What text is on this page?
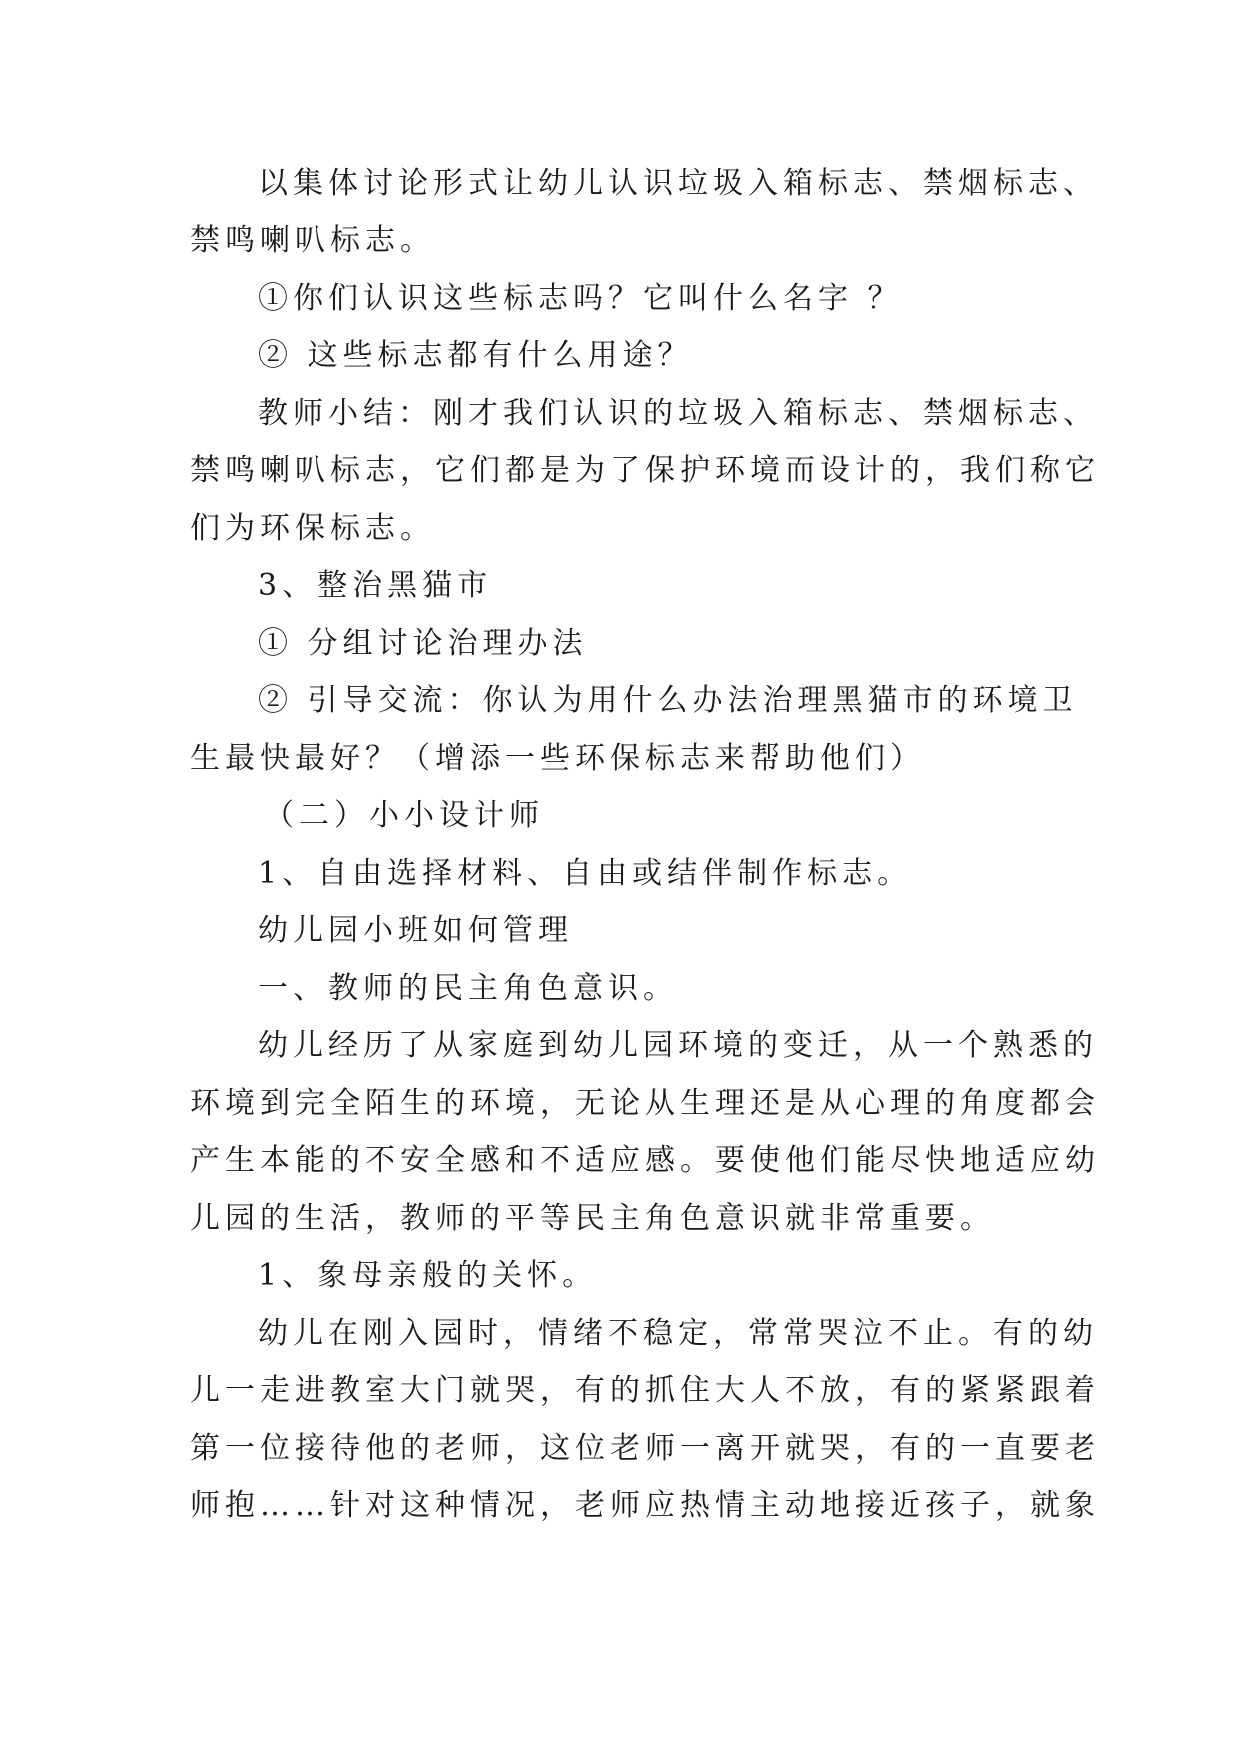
以集体讨论形式让幼儿认识垃圾入箱标志、禁烟标志、
禁鸣喇叭标志。
①你们认识这些标志吗？它叫什么名字 ？
② 这些标志都有什么用途？
教师小结：刚才我们认识的垃圾入箱标志、禁烟标志、
禁鸣喇叭标志，它们都是为了保护环境而设计的，我们称它
们为环保标志。
3、整治黑猫市
① 分组讨论治理办法
② 引导交流：你认为用什么办法治理黑猫市的环境卫
生最快最好？（增添一些环保标志来帮助他们）
（二）小小设计师
1、自由选择材料、自由或结伴制作标志。
幼儿园小班如何管理
一、教师的民主角色意识。
幼儿经历了从家庭到幼儿园环境的变迁，从一个熟悉的
环境到完全陌生的环境，无论从生理还是从心理的角度都会
产生本能的不安全感和不适应感。要使他们能尽快地适应幼
儿园的生活，教师的平等民主角色意识就非常重要。
1、象母亲般的关怀。
幼儿在刚入园时，情绪不稳定，常常哭泣不止。有的幼
儿一走进教室大门就哭，有的抓住大人不放，有的紧紧跟着
第一位接待他的老师，这位老师一离开就哭，有的一直要老
师抱……针对这种情况，老师应热情主动地接近孩子，就象
